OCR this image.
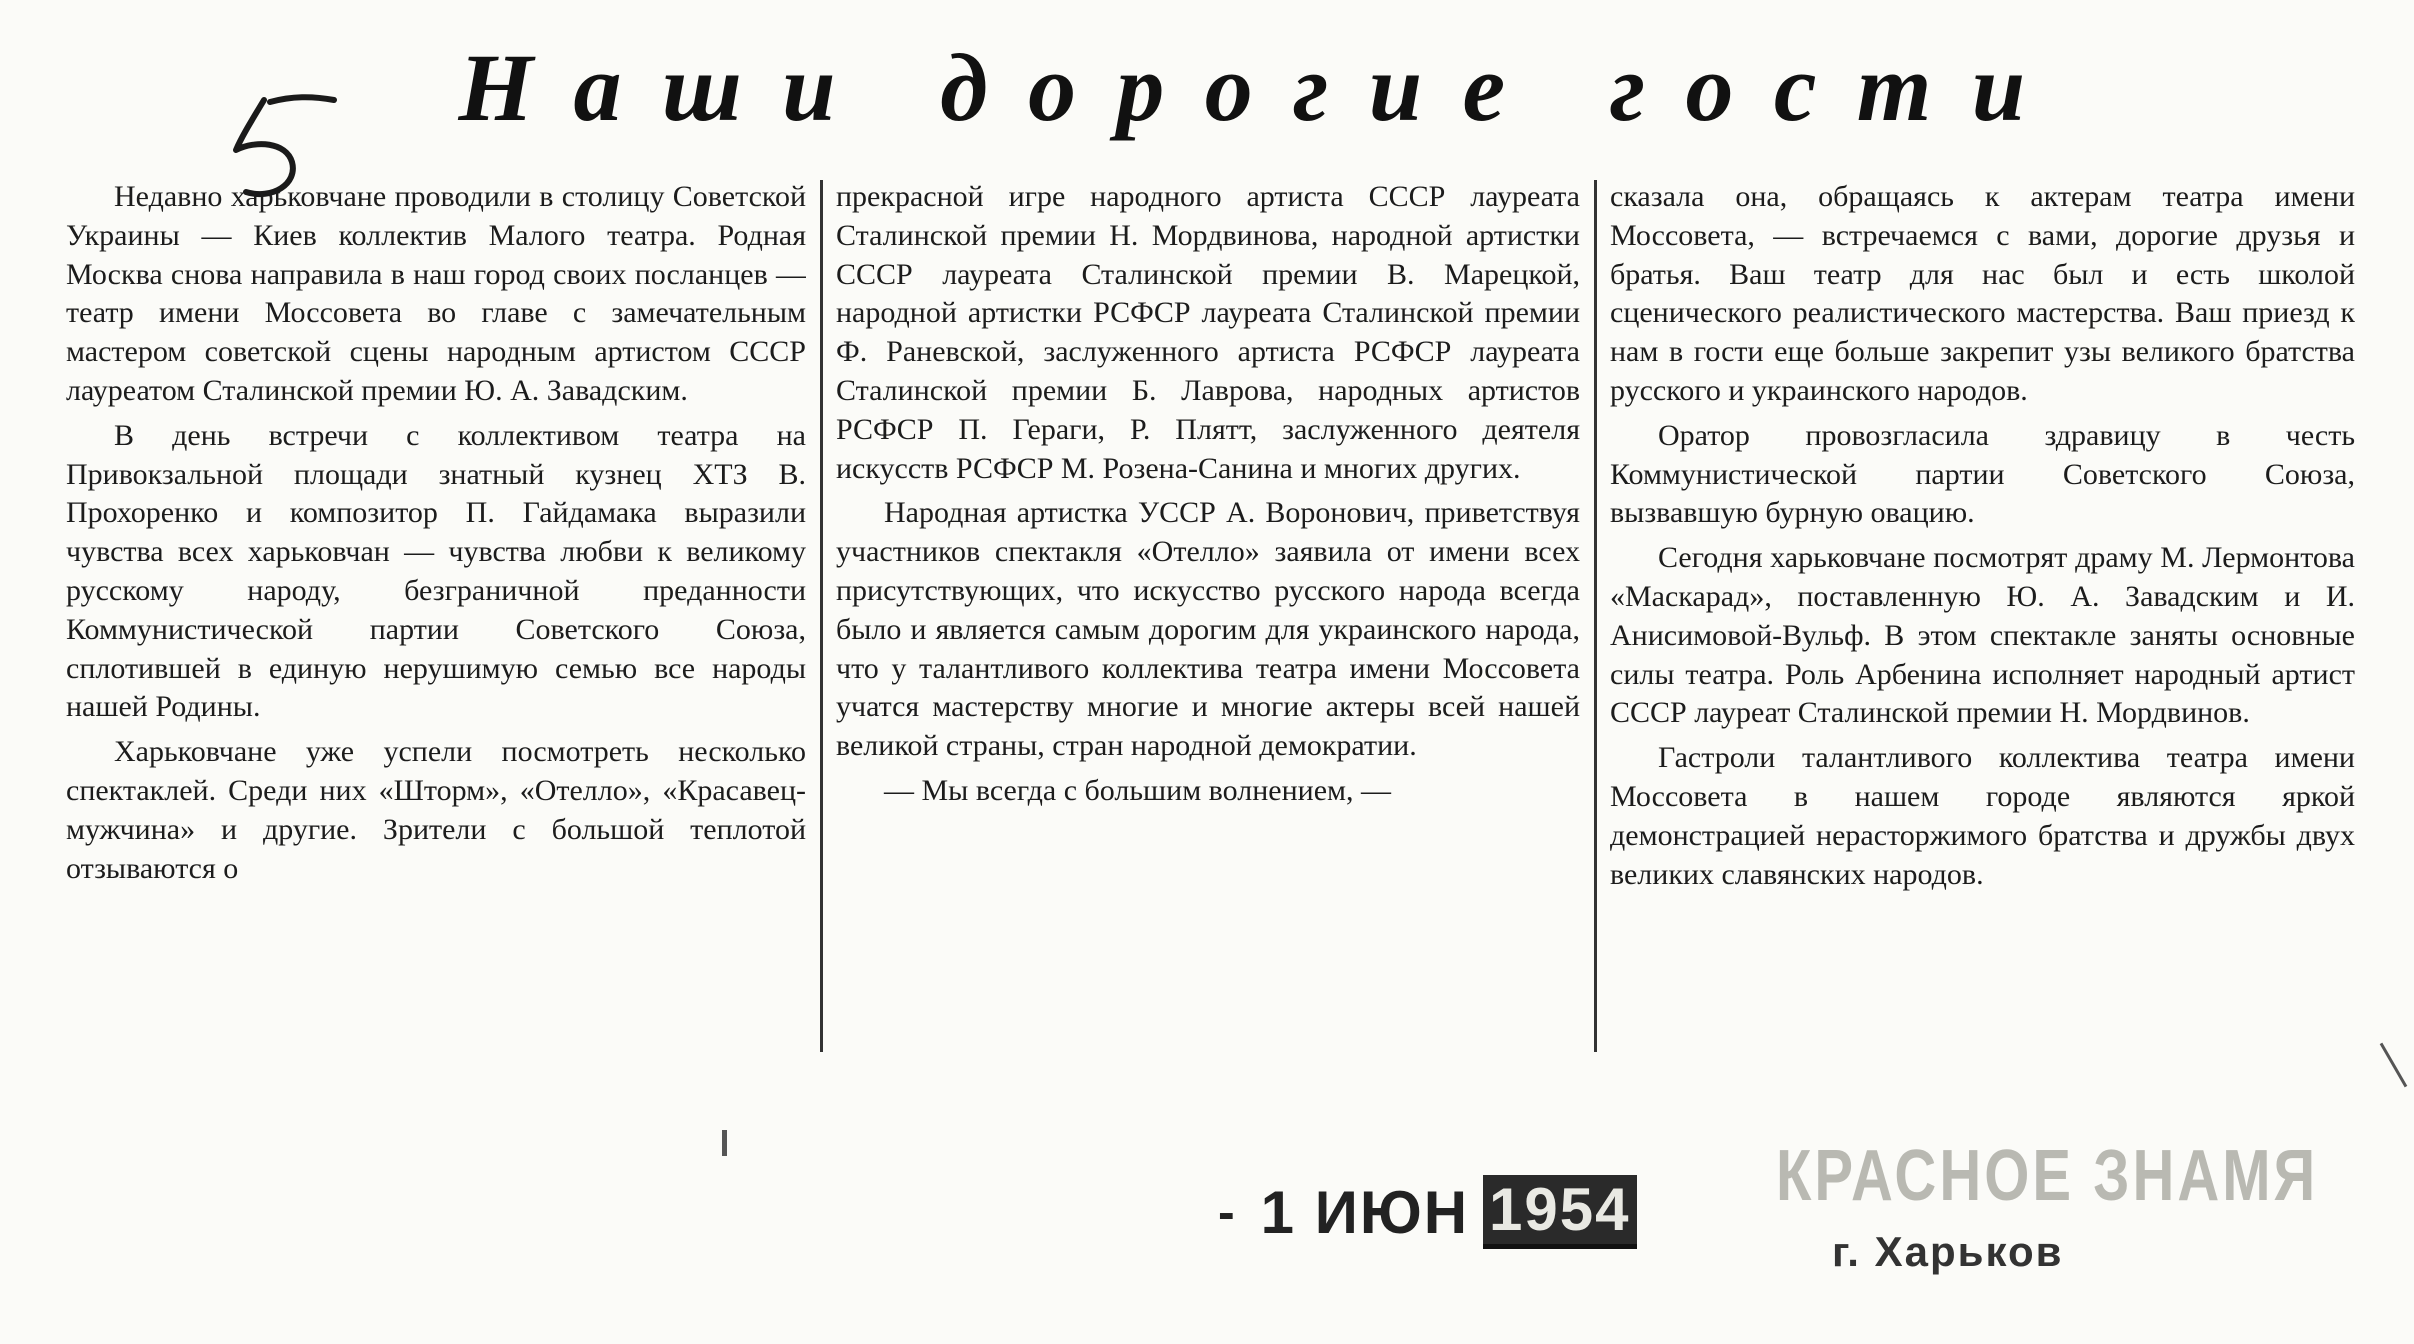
Наши дорогие гости

Недавно харьковчане проводили в столицу Советской Украины — Киев коллектив Малого театра. Родная Москва снова направила в наш город своих посланцев — театр имени Моссовета во главе с замечательным мастером советской сцены народным артистом СССР лауреатом Сталинской премии Ю. А. Завадским.

В день встречи с коллективом театра на Привокзальной площади знатный кузнец ХТЗ В. Прохоренко и композитор П. Гайдамака выразили чувства всех харьковчан — чувства любви к великому русскому народу, безграничной преданности Коммунистической партии Советского Союза, сплотившей в единую нерушимую семью все народы нашей Родины.

Харьковчане уже успели посмотреть несколько спектаклей. Среди них «Шторм», «Отелло», «Красавец-мужчина» и другие. Зрители с большой теплотой отзываются о

прекрасной игре народного артиста СССР лауреата Сталинской премии Н. Мордвинова, народной артистки СССР лауреата Сталинской премии В. Марецкой, народной артистки РСФСР лауреата Сталинской премии Ф. Раневской, заслуженного артиста РСФСР лауреата Сталинской премии Б. Лаврова, народных артистов РСФСР П. Гераги, Р. Плятт, заслуженного деятеля искусств РСФСР М. Розена-Санина и многих других.

Народная артистка УССР А. Воронович, приветствуя участников спектакля «Отелло» заявила от имени всех присутствующих, что искусство русского народа всегда было и является самым дорогим для украинского народа, что у талантливого коллектива театра имени Моссовета учатся мастерству многие и многие актеры всей нашей великой страны, стран народной демократии.

— Мы всегда с большим волнением, —

сказала она, обращаясь к актерам театра имени Моссовета, — встречаемся с вами, дорогие друзья и братья. Ваш театр для нас был и есть школой сценического реалистического мастерства. Ваш приезд к нам в гости еще больше закрепит узы великого братства русского и украинского народов.

Оратор провозгласила здравицу в честь Коммунистической партии Советского Союза, вызвавшую бурную овацию.

Сегодня харьковчане посмотрят драму М. Лермонтова «Маскарад», поставленную Ю. А. Завадским и И. Анисимовой-Вульф. В этом спектакле заняты основные силы театра. Роль Арбенина исполняет народный артист СССР лауреат Сталинской премии Н. Мордвинов.

Гастроли талантливого коллектива театра имени Моссовета в нашем городе являются яркой демонстрацией нерасторжимого братства и дружбы двух великих славянских народов.

- 1 ИЮН 1954	КРАСНОЕ ЗНАМЯ
г. Харьков
